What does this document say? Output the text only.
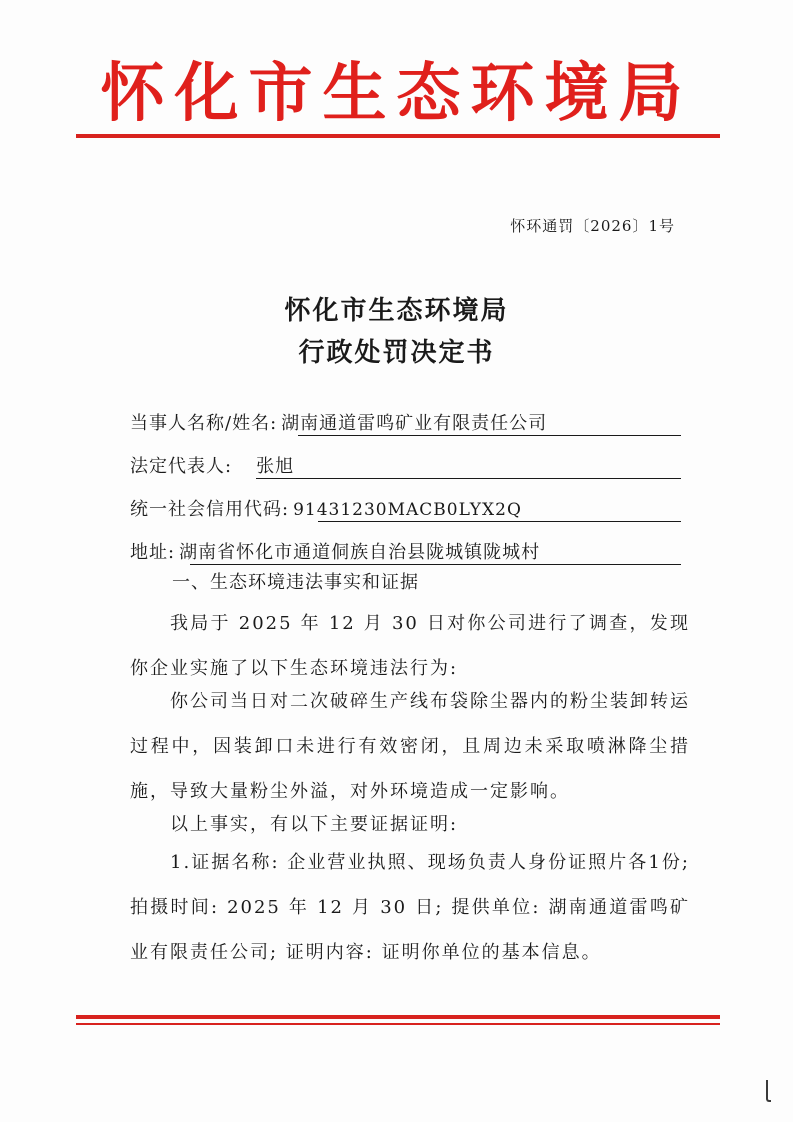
怀化市生态环境局
怀环通罚〔2026〕1号
怀化市生态环境局
行政处罚决定书
当事人名称/姓名: 湖南通道雷鸣矿业有限责任公司
法定代表人: 张旭
统一社会信用代码: 91431230MACB0LYX2Q
地址: 湖南省怀化市通道侗族自治县陇城镇陇城村
一、生态环境违法事实和证据
我局于 2025 年 12 月 30 日对你公司进行了调查，发现你企业实施了以下生态环境违法行为:
你公司当日对二次破碎生产线布袋除尘器内的粉尘装卸转运过程中，因装卸口未进行有效密闭，且周边未采取喷淋降尘措施，导致大量粉尘外溢，对外环境造成一定影响。
以上事实，有以下主要证据证明:
1.证据名称: 企业营业执照、现场负责人身份证照片各1份; 拍摄时间: 2025 年 12 月 30 日; 提供单位: 湖南通道雷鸣矿业有限责任公司; 证明内容: 证明你单位的基本信息。
